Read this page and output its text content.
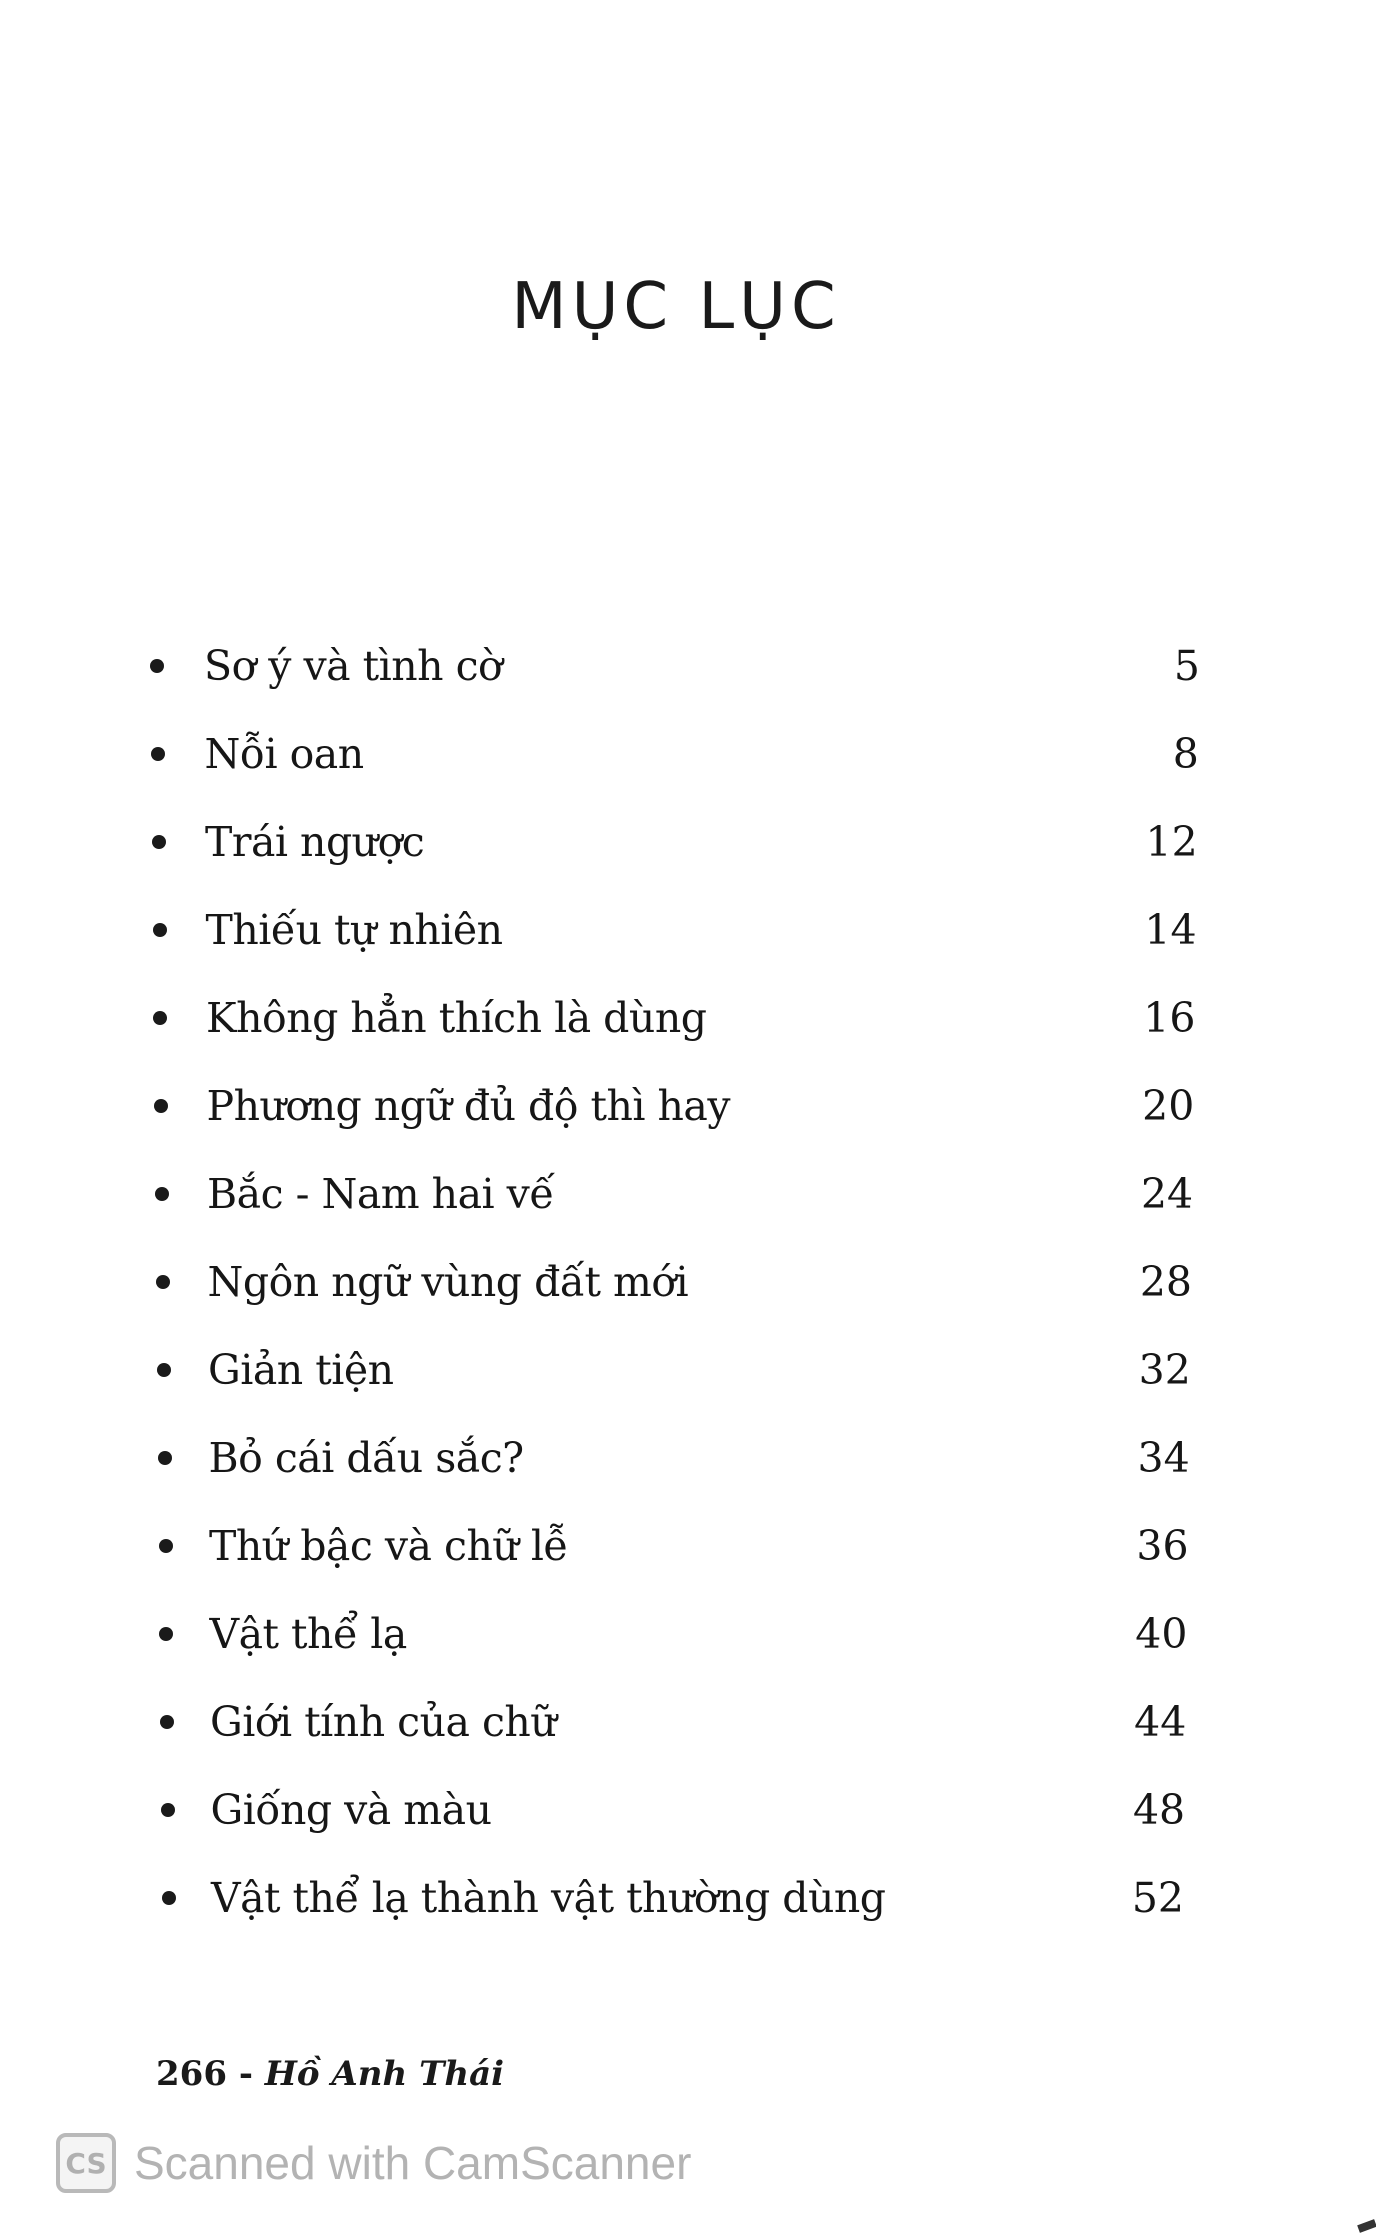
MỤC LỤC
Sơ ý và tình cờ	5
Nỗi oan	8
Trái ngược	12
Thiếu tự nhiên	14
Không hẳn thích là dùng	16
Phương ngữ đủ độ thì hay	20
Bắc - Nam hai vế	24
Ngôn ngữ vùng đất mới	28
Giản tiện	32
Bỏ cái dấu sắc?	34
Thứ bậc và chữ lễ	36
Vật thể lạ	40
Giới tính của chữ	44
Giống và màu	48
Vật thể lạ thành vật thường dùng	52
266 - Hồ Anh Thái
CS Scanned with CamScanner
